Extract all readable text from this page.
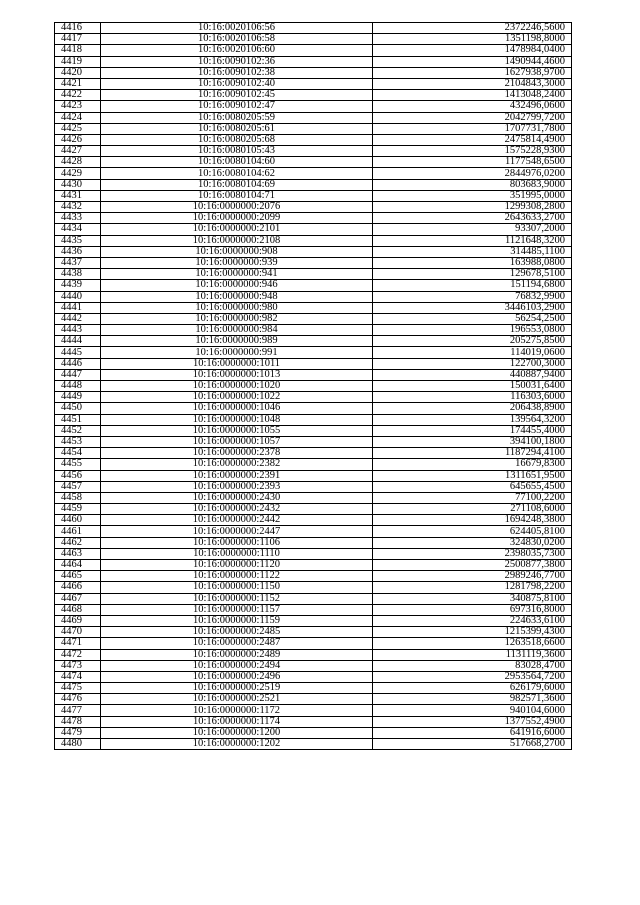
4416	10:16:0020106:56	2372246,5600
4417	10:16:0020106:58	1351198,8000
4418	10:16:0020106:60	1478984,0400
4419	10:16:0090102:36	1490944,4600
4420	10:16:0090102:38	1627938,9700
4421	10:16:0090102:40	2104843,3000
4422	10:16:0090102:45	1413048,2400
4423	10:16:0090102:47	432496,0600
4424	10:16:0080205:59	2042799,7200
4425	10:16:0080205:61	1707731,7800
4426	10:16:0080205:68	2475814,4900
4427	10:16:0080105:43	1575228,9300
4428	10:16:0080104:60	1177548,6500
4429	10:16:0080104:62	2844976,0200
4430	10:16:0080104:69	803683,9000
4431	10:16:0080104:71	351995,0000
4432	10:16:0000000:2076	1299308,2800
4433	10:16:0000000:2099	2643633,2700
4434	10:16:0000000:2101	93307,2000
4435	10:16:0000000:2108	1121648,3200
4436	10:16:0000000:908	314485,1100
4437	10:16:0000000:939	163988,0800
4438	10:16:0000000:941	129678,5100
4439	10:16:0000000:946	151194,6800
4440	10:16:0000000:948	76832,9900
4441	10:16:0000000:980	3446103,2900
4442	10:16:0000000:982	56254,2500
4443	10:16:0000000:984	196553,0800
4444	10:16:0000000:989	205275,8500
4445	10:16:0000000:991	114019,0600
4446	10:16:0000000:1011	122700,3000
4447	10:16:0000000:1013	440887,9400
4448	10:16:0000000:1020	150031,6400
4449	10:16:0000000:1022	116303,6000
4450	10:16:0000000:1046	206438,8900
4451	10:16:0000000:1048	139564,3200
4452	10:16:0000000:1055	174455,4000
4453	10:16:0000000:1057	394100,1800
4454	10:16:0000000:2378	1187294,4100
4455	10:16:0000000:2382	16679,8300
4456	10:16:0000000:2391	1311651,9500
4457	10:16:0000000:2393	645655,4500
4458	10:16:0000000:2430	77100,2200
4459	10:16:0000000:2432	271108,6000
4460	10:16:0000000:2442	1694248,3800
4461	10:16:0000000:2447	624405,8100
4462	10:16:0000000:1106	324830,0200
4463	10:16:0000000:1110	2398035,7300
4464	10:16:0000000:1120	2500877,3800
4465	10:16:0000000:1122	2989246,7700
4466	10:16:0000000:1150	1281798,2200
4467	10:16:0000000:1152	340875,8100
4468	10:16:0000000:1157	697316,8000
4469	10:16:0000000:1159	224633,6100
4470	10:16:0000000:2485	1215399,4300
4471	10:16:0000000:2487	1263518,6600
4472	10:16:0000000:2489	1131119,3600
4473	10:16:0000000:2494	83028,4700
4474	10:16:0000000:2496	2953564,7200
4475	10:16:0000000:2519	626179,6000
4476	10:16:0000000:2521	982571,3600
4477	10:16:0000000:1172	940104,6000
4478	10:16:0000000:1174	1377552,4900
4479	10:16:0000000:1200	641916,6000
4480	10:16:0000000:1202	517668,2700
